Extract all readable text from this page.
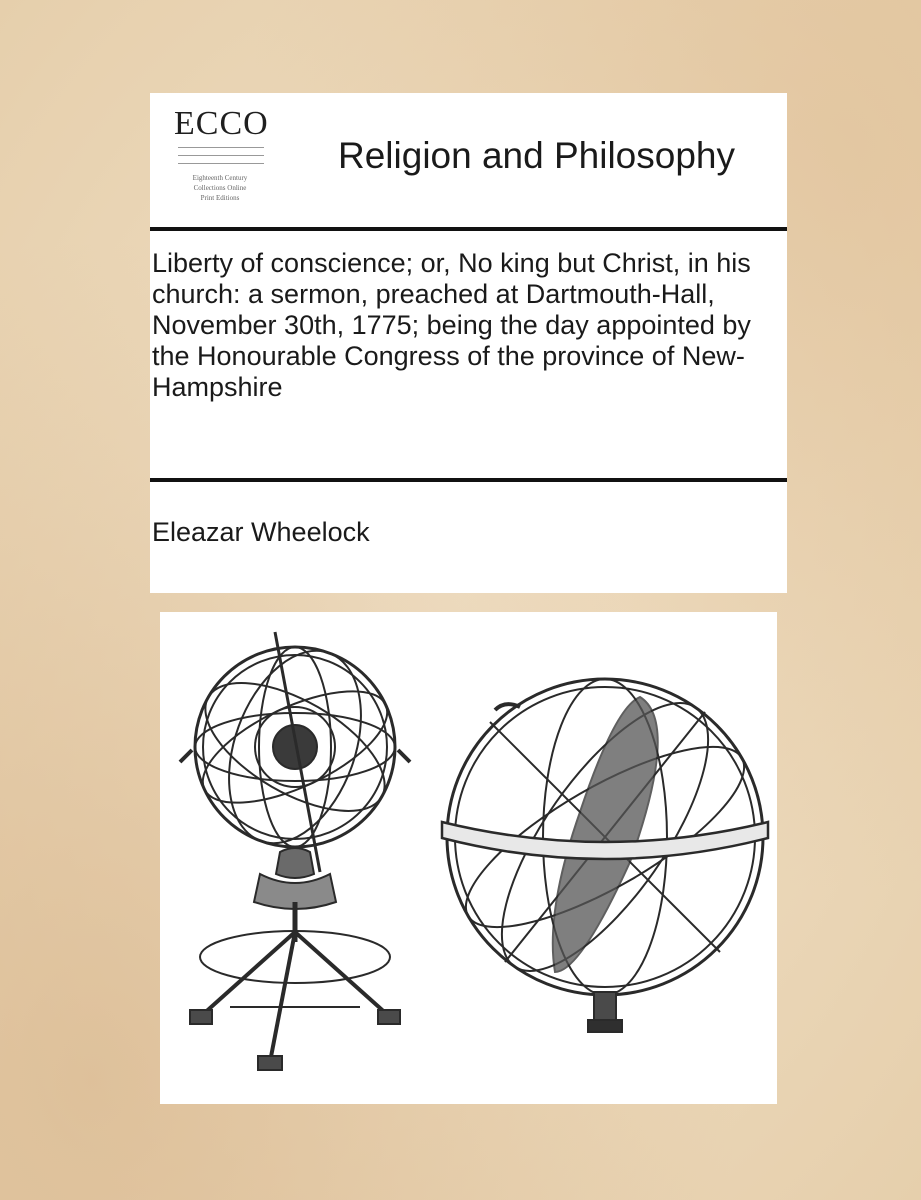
ECCO
Eighteenth Century
Collections Online
Print Editions
Religion and Philosophy
Liberty of conscience; or, No king but Christ, in his church: a sermon, preached at Dartmouth-Hall, November 30th, 1775; being the day appointed by the Honourable Congress of the province of New-Hampshire
Eleazar Wheelock
